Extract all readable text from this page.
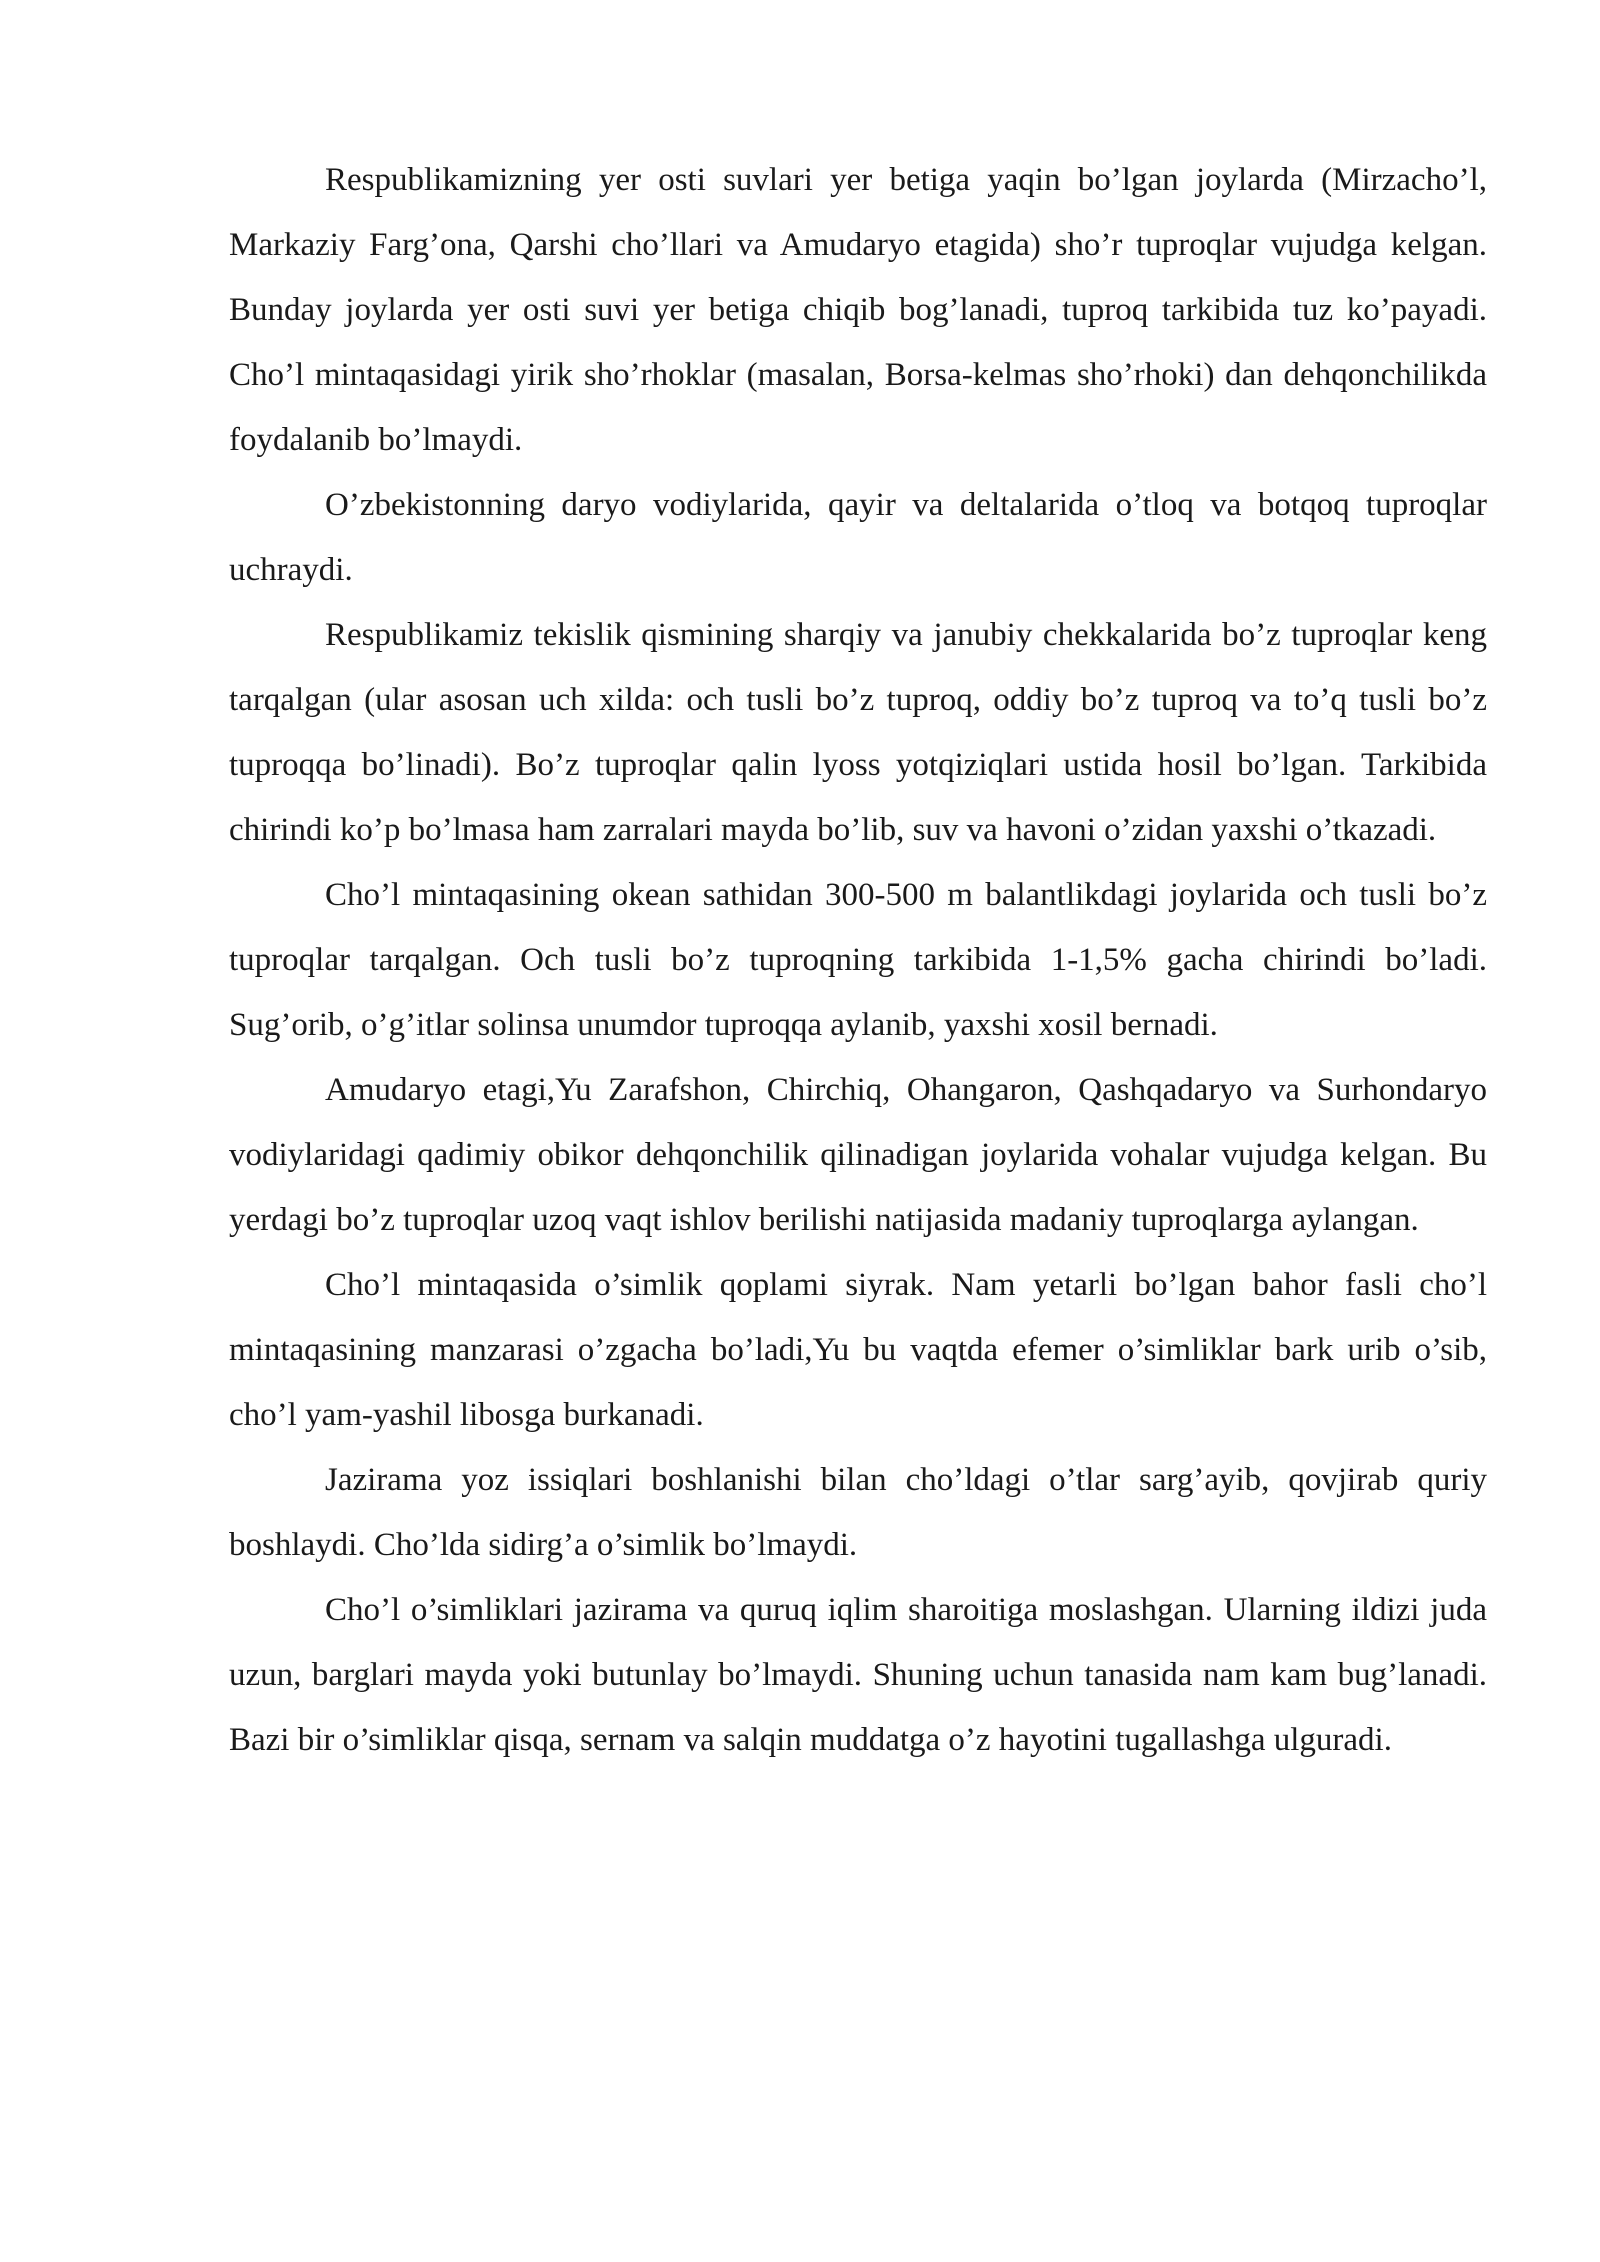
Respublikamizning yer osti suvlari yer betiga yaqin bo’lgan joylarda (Mirzacho’l, Markaziy Farg’ona, Qarshi cho’llari va Amudaryo etagida) sho’r tuproqlar vujudga kelgan. Bunday joylarda yer osti suvi yer betiga chiqib bog’lanadi, tuproq tarkibida tuz ko’payadi. Cho’l mintaqasidagi yirik sho’rhoklar (masalan, Borsa-kelmas sho’rhoki) dan dehqonchilikda foydalanib bo’lmaydi.

O’zbekistonning daryo vodiylarida, qayir va deltalarida o’tloq va botqoq tuproqlar uchraydi.

Respublikamiz tekislik qismining sharqiy va janubiy chekkalarida bo’z tuproqlar keng tarqalgan (ular asosan uch xilda: och tusli bo’z tuproq, oddiy bo’z tuproq va to’q tusli bo’z tuproqqa bo’linadi). Bo’z tuproqlar qalin lyoss yotqiziqlari ustida hosil bo’lgan. Tarkibida chirindi ko’p bo’lmasa ham zarralari mayda bo’lib, suv va havoni o’zidan yaxshi o’tkazadi.

Cho’l mintaqasining okean sathidan 300-500 m balantlikdagi joylarida och tusli bo’z tuproqlar tarqalgan. Och tusli bo’z tuproqning tarkibida 1-1,5% gacha chirindi bo’ladi. Sug’orib, o’g’itlar solinsa unumdor tuproqqa aylanib, yaxshi xosil bernadi.

Amudaryo etagi,Yu Zarafshon, Chirchiq, Ohangaron, Qashqadaryo va Surhondaryo vodiylaridagi qadimiy obikor dehqonchilik qilinadigan joylarida vohalar vujudga kelgan. Bu yerdagi bo’z tuproqlar uzoq vaqt ishlov berilishi natijasida madaniy tuproqlarga aylangan.

Cho’l mintaqasida o’simlik qoplami siyrak. Nam yetarli bo’lgan bahor fasli cho’l mintaqasining manzarasi o’zgacha bo’ladi,Yu bu vaqtda efemer o’simliklar bark urib o’sib, cho’l yam-yashil libosga burkanadi.

Jazirama yoz issiqlari boshlanishi bilan cho’ldagi o’tlar sarg’ayib, qovjirab quriy boshlaydi. Cho’lda sidirg’a o’simlik bo’lmaydi.

Cho’l o’simliklari jazirama va quruq iqlim sharoitiga moslashgan. Ularning ildizi juda uzun, barglari mayda yoki butunlay bo’lmaydi. Shuning uchun tanasida nam kam bug’lanadi. Bazi bir o’simliklar qisqa, sernam va salqin muddatga o’z hayotini tugallashga ulguradi.
